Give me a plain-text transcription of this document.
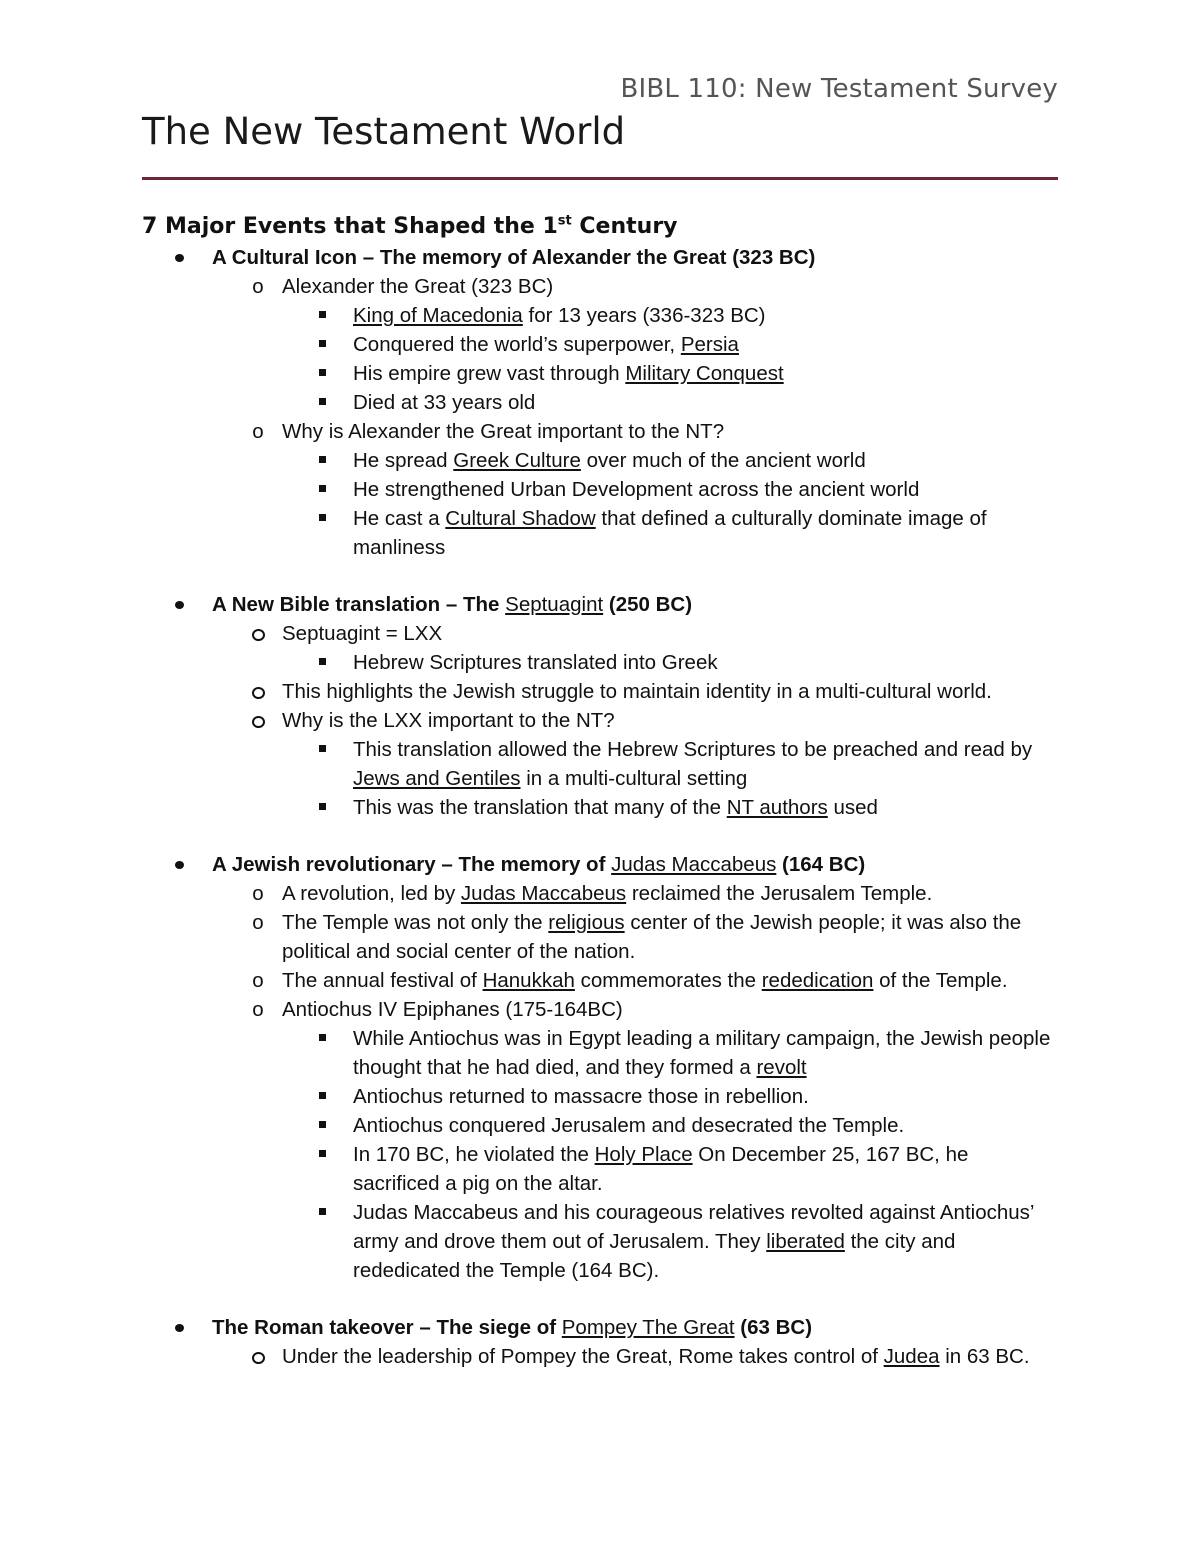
BIBL 110: New Testament Survey
The New Testament World
7 Major Events that Shaped the 1st Century
A Cultural Icon – The memory of Alexander the Great (323 BC)
o Alexander the Great (323 BC)
King of Macedonia for 13 years (336-323 BC)
Conquered the world’s superpower, Persia
His empire grew vast through Military Conquest
Died at 33 years old
o Why is Alexander the Great important to the NT?
He spread Greek Culture over much of the ancient world
He strengthened Urban Development across the ancient world
He cast a Cultural Shadow that defined a culturally dominate image of manliness
A New Bible translation – The Septuagint (250 BC)
Septuagint = LXX
Hebrew Scriptures translated into Greek
This highlights the Jewish struggle to maintain identity in a multi-cultural world.
Why is the LXX important to the NT?
This translation allowed the Hebrew Scriptures to be preached and read by Jews and Gentiles in a multi-cultural setting
This was the translation that many of the NT authors used
A Jewish revolutionary – The memory of Judas Maccabeus (164 BC)
o A revolution, led by Judas Maccabeus reclaimed the Jerusalem Temple.
o The Temple was not only the religious center of the Jewish people; it was also the political and social center of the nation.
o The annual festival of Hanukkah commemorates the rededication of the Temple.
o Antiochus IV Epiphanes (175-164BC)
While Antiochus was in Egypt leading a military campaign, the Jewish people thought that he had died, and they formed a revolt
Antiochus returned to massacre those in rebellion.
Antiochus conquered Jerusalem and desecrated the Temple.
In 170 BC, he violated the Holy Place On December 25, 167 BC, he sacrificed a pig on the altar.
Judas Maccabeus and his courageous relatives revolted against Antiochus’ army and drove them out of Jerusalem. They liberated the city and rededicated the Temple (164 BC).
The Roman takeover – The siege of Pompey The Great (63 BC)
Under the leadership of Pompey the Great, Rome takes control of Judea in 63 BC.
